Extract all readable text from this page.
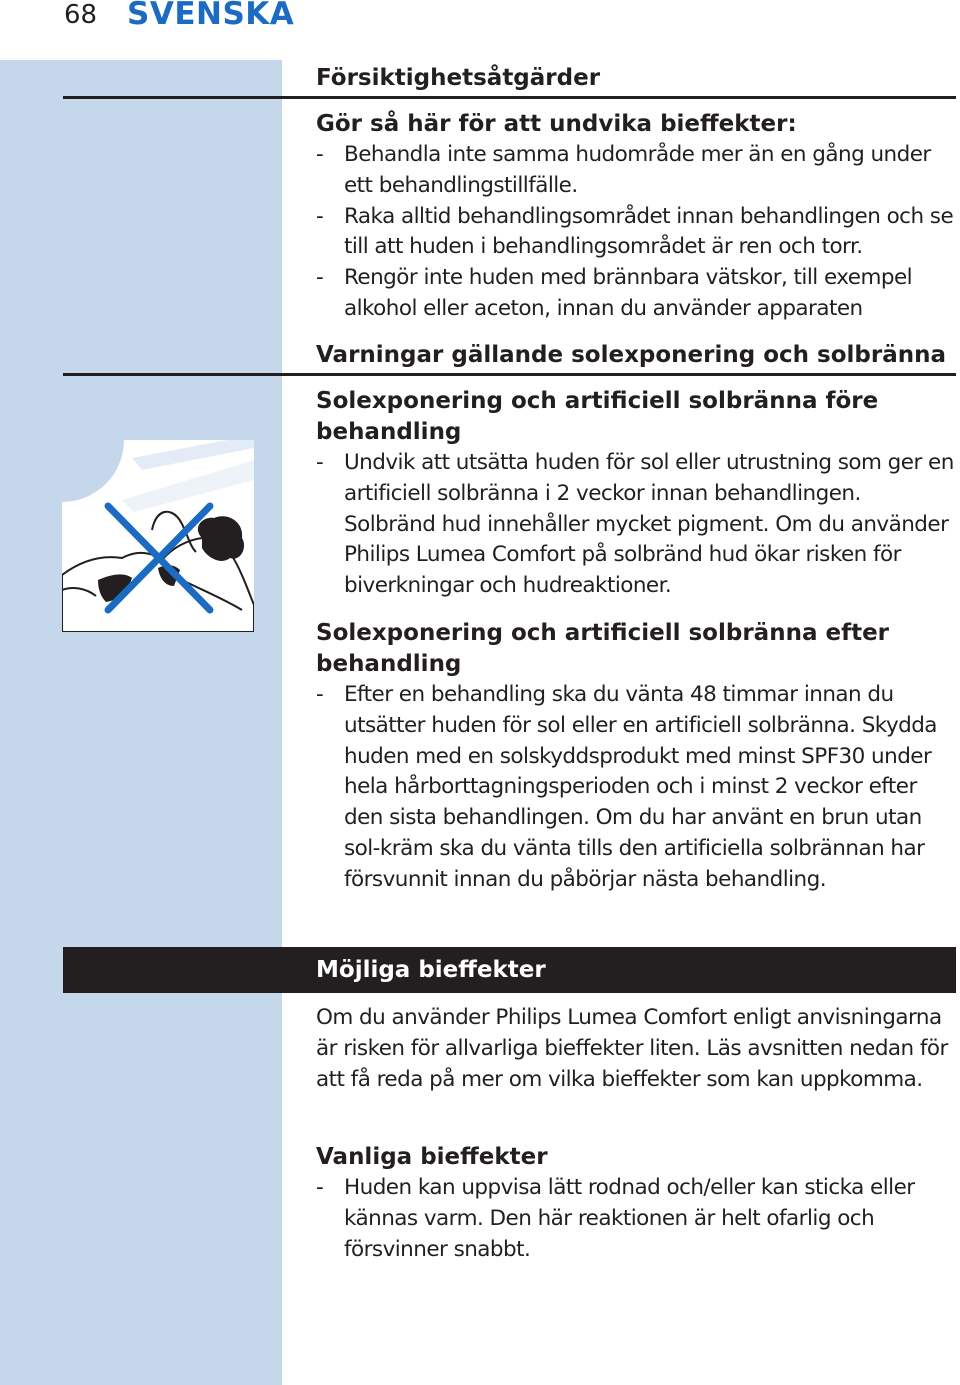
68 SVENSKA
Försiktighetsåtgärder
Gör så här för att undvika bieffekter:
- Behandla inte samma hudområde mer än en gång under ett behandlingstillfälle.
- Raka alltid behandlingsområdet innan behandlingen och se till att huden i behandlingsområdet är ren och torr.
- Rengör inte huden med brännbara vätskor, till exempel alkohol eller aceton, innan du använder apparaten
Varningar gällande solexponering och solbränna
Solexponering och artificiell solbränna före behandling
- Undvik att utsätta huden för sol eller utrustning som ger en artificiell solbränna i 2 veckor innan behandlingen. Solbränd hud innehåller mycket pigment. Om du använder Philips Lumea Comfort på solbränd hud ökar risken för biverkningar och hudreaktioner.
Solexponering och artificiell solbränna efter behandling
- Efter en behandling ska du vänta 48 timmar innan du utsätter huden för sol eller en artificiell solbränna. Skydda huden med en solskyddsprodukt med minst SPF30 under hela hårborttagningsperioden och i minst 2 veckor efter den sista behandlingen. Om du har använt en brun utan sol-kräm ska du vänta tills den artificiella solbrännan har försvunnit innan du påbörjar nästa behandling.
Möjliga bieffekter

Om du använder Philips Lumea Comfort enligt anvisningarna är risken för allvarliga bieffekter liten. Läs avsnitten nedan för att få reda på mer om vilka bieffekter som kan uppkomma.

Vanliga bieffekter
- Huden kan uppvisa lätt rodnad och/eller kan sticka eller kännas varm. Den här reaktionen är helt ofarlig och försvinner snabbt.
